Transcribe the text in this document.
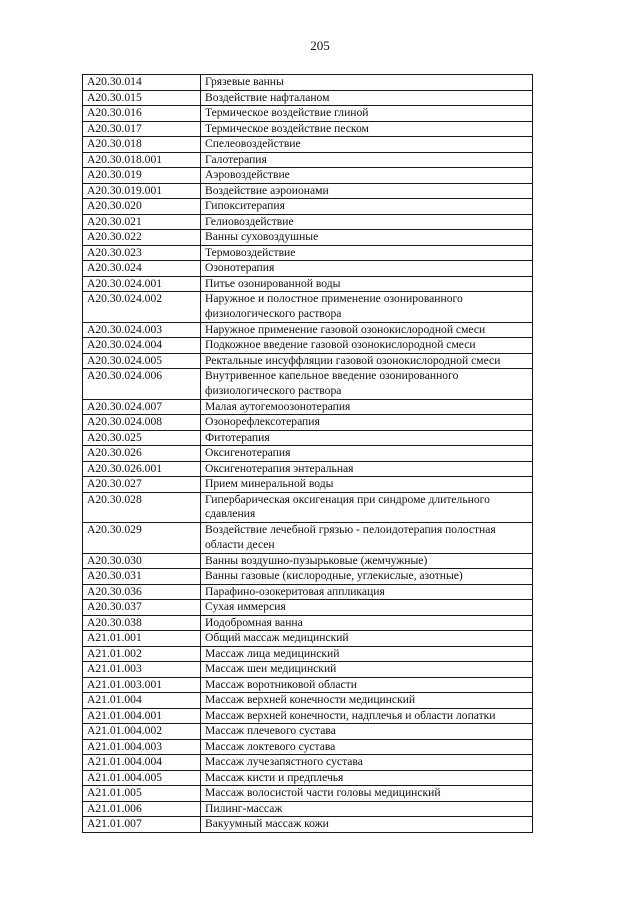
205
A20.30.014	Грязевые ванны
A20.30.015	Воздействие нафталаном
A20.30.016	Термическое воздействие глиной
A20.30.017	Термическое воздействие песком
A20.30.018	Спелеовоздействие
A20.30.018.001	Галотерапия
A20.30.019	Аэровоздействие
A20.30.019.001	Воздействие аэроионами
A20.30.020	Гипокситерапия
A20.30.021	Гелиовоздействие
A20.30.022	Ванны суховоздушные
A20.30.023	Термовоздействие
A20.30.024	Озонотерапия
A20.30.024.001	Питье озонированной воды
A20.30.024.002	Наружное и полостное применение озонированного физиологического раствора
A20.30.024.003	Наружное применение газовой озонокислородной смеси
A20.30.024.004	Подкожное введение газовой озонокислородной смеси
A20.30.024.005	Ректальные инсуффляции газовой озонокислородной смеси
A20.30.024.006	Внутривенное капельное введение озонированного физиологического раствора
A20.30.024.007	Малая аутогемоозонотерапия
A20.30.024.008	Озонорефлексотерапия
A20.30.025	Фитотерапия
A20.30.026	Оксигенотерапия
A20.30.026.001	Оксигенотерапия энтеральная
A20.30.027	Прием минеральной воды
A20.30.028	Гипербарическая оксигенация при синдроме длительного сдавления
A20.30.029	Воздействие лечебной грязью - пелоидотерапия полостная области десен
A20.30.030	Ванны воздушно-пузырьковые (жемчужные)
A20.30.031	Ванны газовые (кислородные, углекислые, азотные)
A20.30.036	Парафино-озокеритовая аппликация
A20.30.037	Сухая иммерсия
A20.30.038	Иодобромная ванна
A21.01.001	Общий массаж медицинский
A21.01.002	Массаж лица медицинский
A21.01.003	Массаж шеи медицинский
A21.01.003.001	Массаж воротниковой области
A21.01.004	Массаж верхней конечности медицинский
A21.01.004.001	Массаж верхней конечности, надплечья и области лопатки
A21.01.004.002	Массаж плечевого сустава
A21.01.004.003	Массаж локтевого сустава
A21.01.004.004	Массаж лучезапястного сустава
A21.01.004.005	Массаж кисти и предплечья
A21.01.005	Массаж волосистой части головы медицинский
A21.01.006	Пилинг-массаж
A21.01.007	Вакуумный массаж кожи
